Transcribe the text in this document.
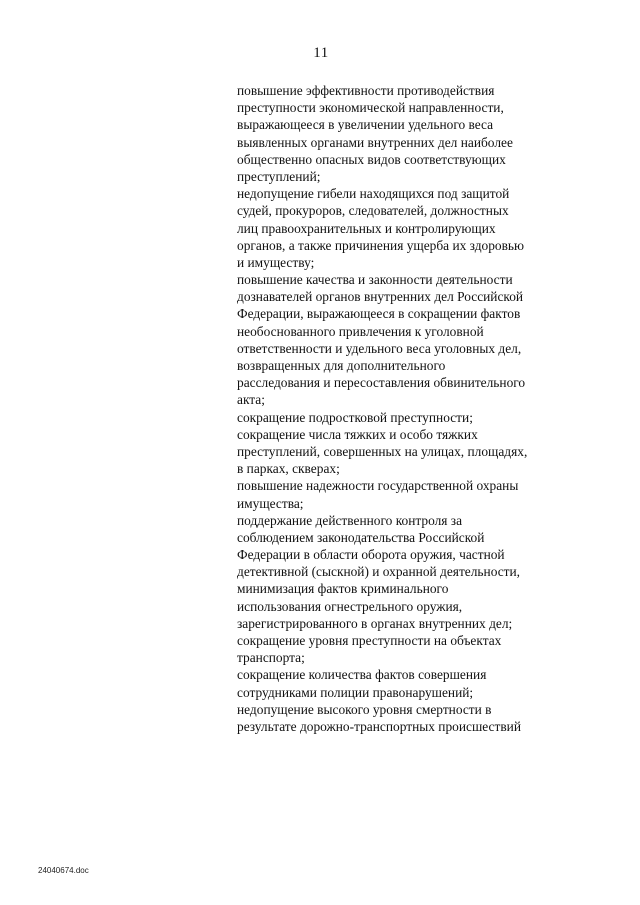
11
повышение эффективности противодействия
преступности экономической направленности,
выражающееся в увеличении удельного веса
выявленных органами внутренних дел наиболее
общественно опасных видов соответствующих
преступлений;
недопущение гибели находящихся под защитой
судей, прокуроров, следователей, должностных
лиц правоохранительных и контролирующих
органов, а также причинения ущерба их здоровью
и имуществу;
повышение качества и законности деятельности
дознавателей органов внутренних дел Российской
Федерации, выражающееся в сокращении фактов
необоснованного привлечения к уголовной
ответственности и удельного веса уголовных дел,
возвращенных для дополнительного
расследования и пересоставления обвинительного
акта;
сокращение подростковой преступности;
сокращение числа тяжких и особо тяжких
преступлений, совершенных на улицах, площадях,
в парках, скверах;
повышение надежности государственной охраны
имущества;
поддержание действенного контроля за
соблюдением законодательства Российской
Федерации в области оборота оружия, частной
детективной (сыскной) и охранной деятельности,
минимизация фактов криминального
использования огнестрельного оружия,
зарегистрированного в органах внутренних дел;
сокращение уровня преступности на объектах
транспорта;
сокращение количества фактов совершения
сотрудниками полиции правонарушений;
недопущение высокого уровня смертности в
результате дорожно-транспортных происшествий
24040674.doc
